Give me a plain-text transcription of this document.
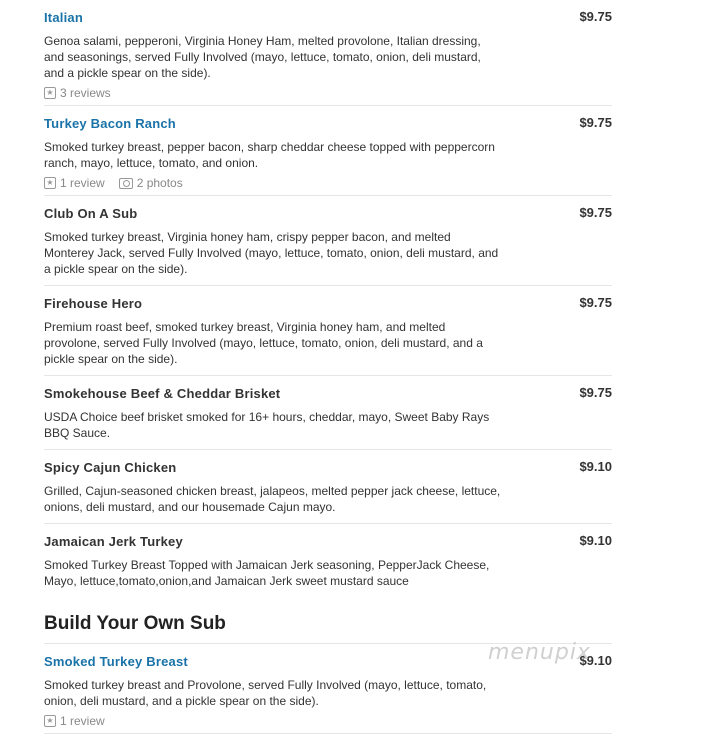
Italian	$9.75
Genoa salami, pepperoni, Virginia Honey Ham, melted provolone, Italian dressing, and seasonings, served Fully Involved (mayo, lettuce, tomato, onion, deli mustard, and a pickle spear on the side).
★ 3 reviews
Turkey Bacon Ranch	$9.75
Smoked turkey breast, pepper bacon, sharp cheddar cheese topped with peppercorn ranch, mayo, lettuce, tomato, and onion.
★ 1 review	2 photos
Club On A Sub	$9.75
Smoked turkey breast, Virginia honey ham, crispy pepper bacon, and melted Monterey Jack, served Fully Involved (mayo, lettuce, tomato, onion, deli mustard, and a pickle spear on the side).
Firehouse Hero	$9.75
Premium roast beef, smoked turkey breast, Virginia honey ham, and melted provolone, served Fully Involved (mayo, lettuce, tomato, onion, deli mustard, and a pickle spear on the side).
Smokehouse Beef & Cheddar Brisket	$9.75
USDA Choice beef brisket smoked for 16+ hours, cheddar, mayo, Sweet Baby Rays BBQ Sauce.
Spicy Cajun Chicken	$9.10
Grilled, Cajun-seasoned chicken breast, jalapeos, melted pepper jack cheese, lettuce, onions, deli mustard, and our housemade Cajun mayo.
Jamaican Jerk Turkey	$9.10
Smoked Turkey Breast Topped with Jamaican Jerk seasoning, PepperJack Cheese, Mayo, lettuce,tomato,onion,and Jamaican Jerk sweet mustard sauce
Build Your Own Sub
Smoked Turkey Breast	$9.10
Smoked turkey breast and Provolone, served Fully Involved (mayo, lettuce, tomato, onion, deli mustard, and a pickle spear on the side).
★ 1 review
menupix
